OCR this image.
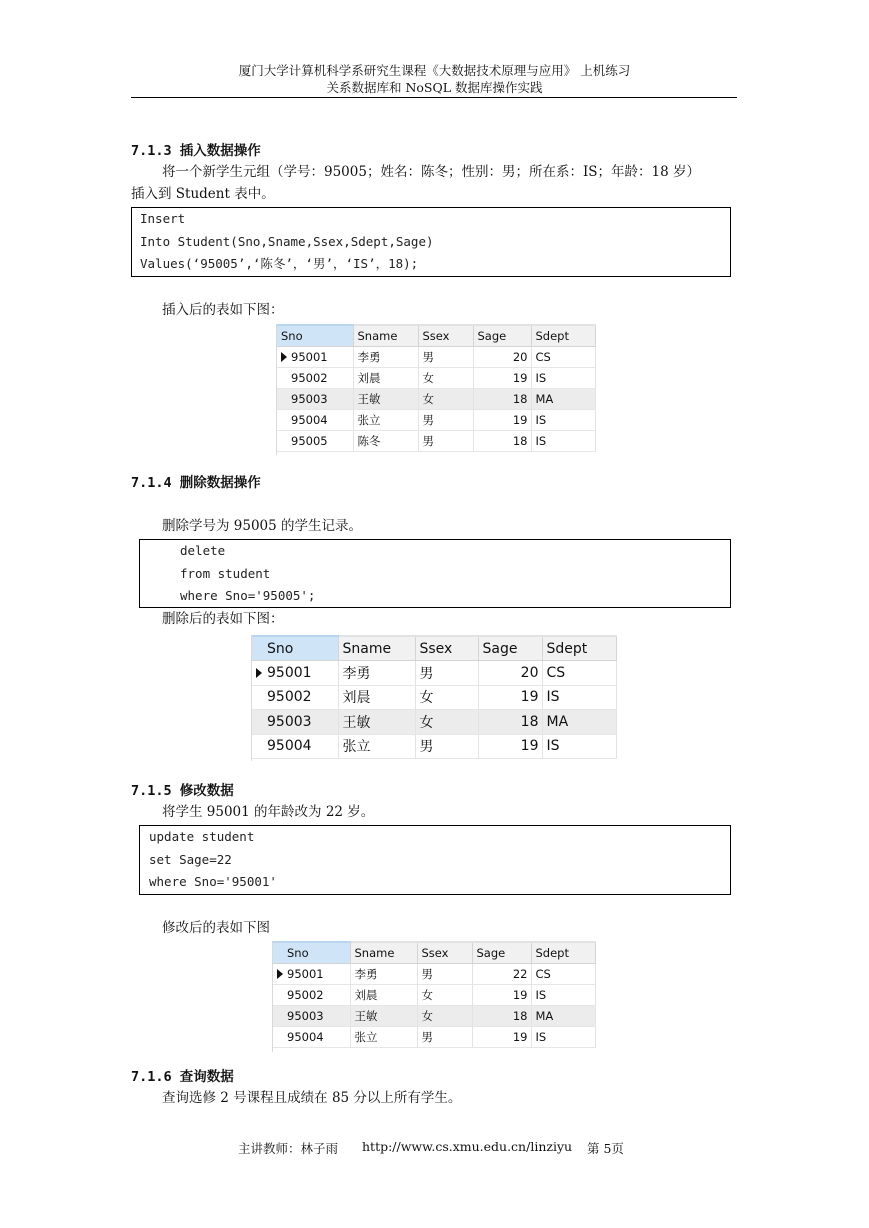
厦门大学计算机科学系研究生课程《大数据技术原理与应用》 上机练习
关系数据库和 NoSQL 数据库操作实践
7.1.3 插入数据操作
将一个新学生元组（学号：95005；姓名：陈冬；性别：男；所在系：IS；年龄：18 岁）
插入到 Student 表中。
Insert
Into Student(Sno,Sname,Ssex,Sdept,Sage)
Values(‘95005’,‘陈冬’，‘男’，‘IS’，18);
插入后的表如下图：
Sno	Sname	Ssex	Sage	Sdept

95001	李勇	男	20	CS
95002	刘晨	女	19	IS
95003	王敏	女	18	MA
95004	张立	男	19	IS
95005	陈冬	男	18	IS
7.1.4 删除数据操作
删除学号为 95005 的学生记录。
delete
from student
where Sno='95005';
删除后的表如下图：
Sno	Sname	Ssex	Sage	Sdept

95001	李勇	男	20	CS
95002	刘晨	女	19	IS
95003	王敏	女	18	MA
95004	张立	男	19	IS
7.1.5 修改数据
将学生 95001 的年龄改为 22 岁。
update student
set Sage=22
where Sno='95001'
修改后的表如下图
Sno	Sname	Ssex	Sage	Sdept

95001	李勇	男	22	CS
95002	刘晨	女	19	IS
95003	王敏	女	18	MA
95004	张立	男	19	IS
7.1.6 查询数据
查询选修 2 号课程且成绩在 85 分以上所有学生。
主讲教师：林子雨 http://www.cs.xmu.edu.cn/linziyu 第 5页
